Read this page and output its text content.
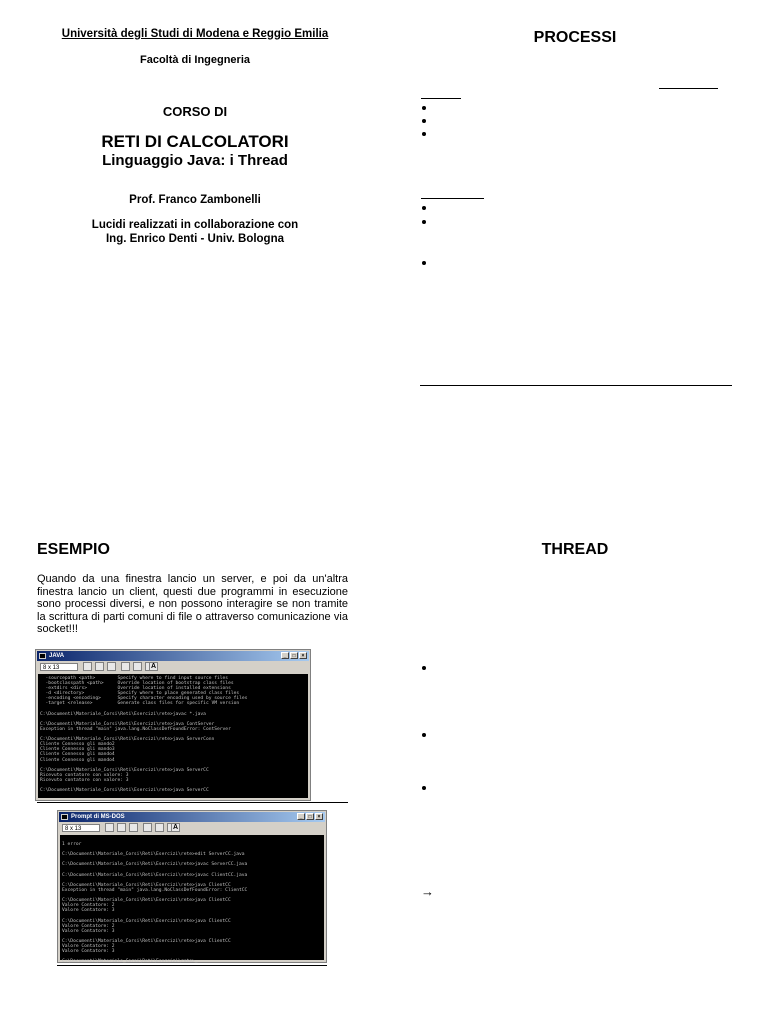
Università degli Studi di Modena e Reggio Emilia
Facoltà di Ingegneria
CORSO DI
RETI DI CALCOLATORI
Linguaggio Java: i Thread
Prof. Franco Zambonelli
Lucidi realizzati in collaborazione con
Ing. Enrico Denti - Univ. Bologna
PROCESSI
ESEMPIO
Quando da una finestra lancio un server, e poi da un'altra finestra lancio un client, questi due programmi in esecuzione sono processi diversi, e non possono interagire se non tramite la scrittura di parti comuni di file o attraverso comunicazione via socket!!!
JAVA	_	□	×
8 x 13	A
-sourcepath <path>        Specify where to find input source files
-bootclasspath <path>     Override location of bootstrap class files
-extdirs <dirs>           Override location of installed extensions
-d <directory>            Specify where to place generated class files
-encoding <encoding>      Specify character encoding used by source files
-target <release>         Generate class files for specific VM version
C:\Documenti\Materiale_Corsi\Reti\Esercizi\rete>javac *.java
C:\Documenti\Materiale_Corsi\Reti\Esercizi\rete>java ContServer
Exception in thread "main" java.lang.NoClassDefFoundError: ContServer
C:\Documenti\Materiale_Corsi\Reti\Esercizi\rete>java ServerConn
Cliente Connesso gli mando2
Cliente Connesso gli mando3
Cliente Connesso gli mando4
Cliente Connesso gli mando4
C:\Documenti\Materiale_Corsi\Reti\Esercizi\rete>java ServerCC
Ricevuto contatore con valore: 3
Ricevuto contatore con valore: 3
C:\Documenti\Materiale_Corsi\Reti\Esercizi\rete>java ServerCC
Prompt di MS-DOS	_	□	×
8 x 13	A
1 error
C:\Documenti\Materiale_Corsi\Reti\Esercizi\rete>edit ServerCC.java
C:\Documenti\Materiale_Corsi\Reti\Esercizi\rete>javac ServerCC.java
C:\Documenti\Materiale_Corsi\Reti\Esercizi\rete>javac ClientCC.java
C:\Documenti\Materiale_Corsi\Reti\Esercizi\rete>java ClientCC
Exception in thread "main" java.lang.NoClassDefFoundError: ClientCC
C:\Documenti\Materiale_Corsi\Reti\Esercizi\rete>java ClientCC
Valore Contatore: 2
Valore Contatore: 3
C:\Documenti\Materiale_Corsi\Reti\Esercizi\rete>java ClientCC
Valore Contatore: 2
Valore Contatore: 3
C:\Documenti\Materiale_Corsi\Reti\Esercizi\rete>java ClientCC
Valore Contatore: 2
Valore Contatore: 3
C:\Documenti\Materiale_Corsi\Reti\Esercizi\rete>_
THREAD
→
